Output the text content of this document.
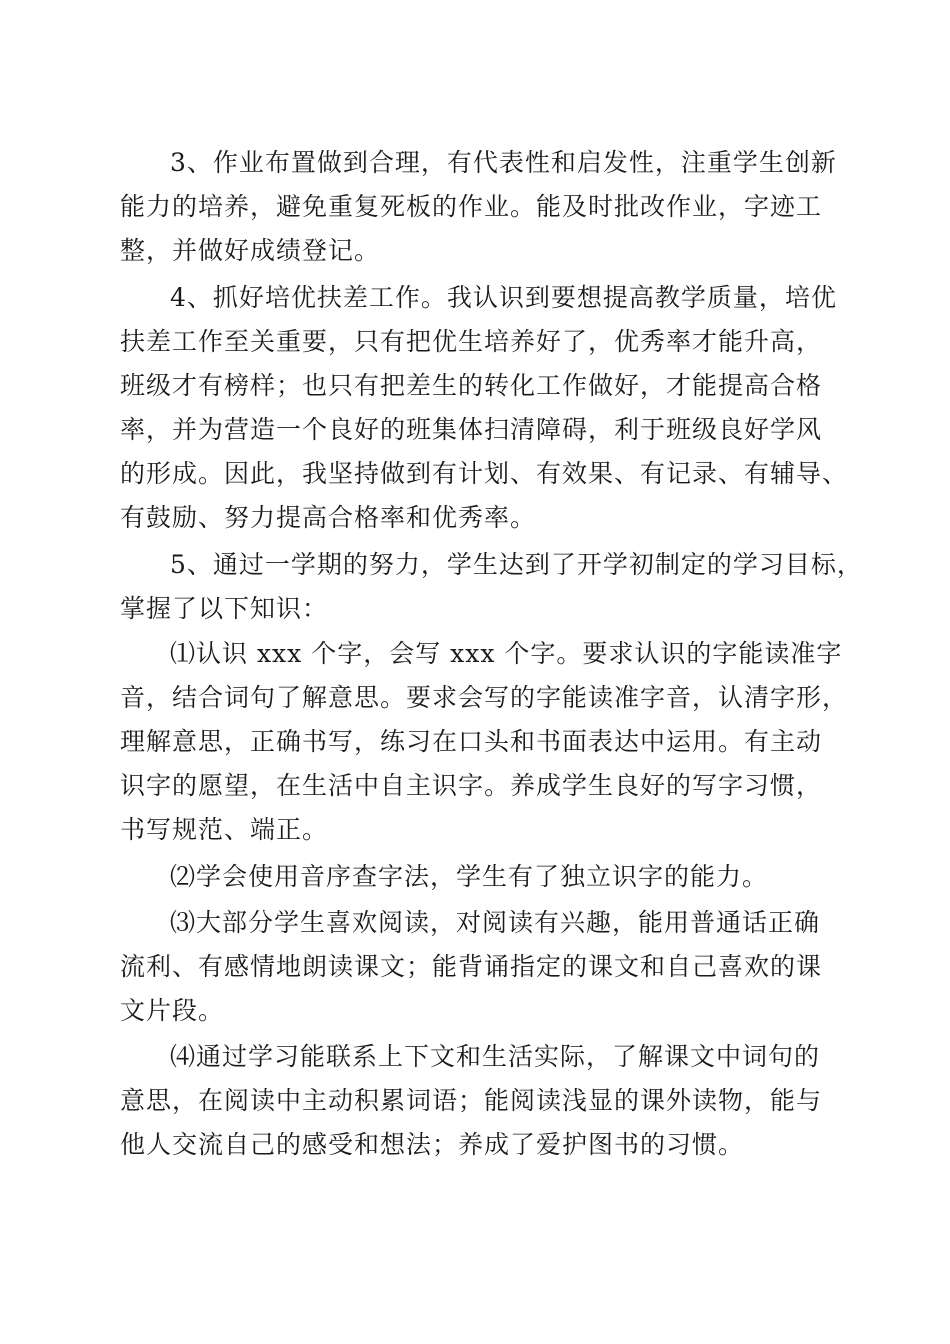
3、作业布置做到合理，有代表性和启发性，注重学生创新
能力的培养，避免重复死板的作业。能及时批改作业，字迹工
整，并做好成绩登记。
4、抓好培优扶差工作。我认识到要想提高教学质量，培优
扶差工作至关重要，只有把优生培养好了，优秀率才能升高，
班级才有榜样；也只有把差生的转化工作做好，才能提高合格
率，并为营造一个良好的班集体扫清障碍，利于班级良好学风
的形成。因此，我坚持做到有计划、有效果、有记录、有辅导、
有鼓励、努力提高合格率和优秀率。
5、通过一学期的努力，学生达到了开学初制定的学习目标，
掌握了以下知识：
⑴认识 xxx 个字，会写 xxx 个字。要求认识的字能读准字
音，结合词句了解意思。要求会写的字能读准字音，认清字形，
理解意思，正确书写，练习在口头和书面表达中运用。有主动
识字的愿望，在生活中自主识字。养成学生良好的写字习惯，
书写规范、端正。
⑵学会使用音序查字法，学生有了独立识字的能力。
⑶大部分学生喜欢阅读，对阅读有兴趣，能用普通话正确
流利、有感情地朗读课文；能背诵指定的课文和自己喜欢的课
文片段。
⑷通过学习能联系上下文和生活实际，了解课文中词句的
意思，在阅读中主动积累词语；能阅读浅显的课外读物，能与
他人交流自己的感受和想法；养成了爱护图书的习惯。
